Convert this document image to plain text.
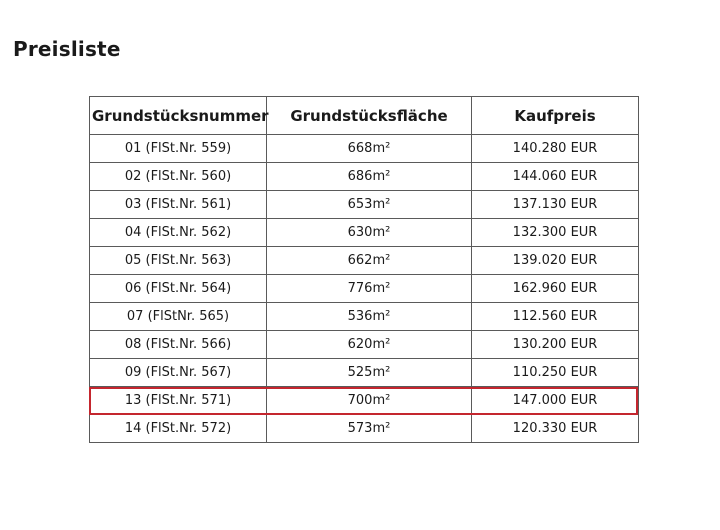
Preisliste
Grundstücksnummer	Grundstücksfläche	Kaufpreis
01 (FlSt.Nr. 559)	668m²	140.280 EUR
02 (FlSt.Nr. 560)	686m²	144.060 EUR
03 (FlSt.Nr. 561)	653m²	137.130 EUR
04 (FlSt.Nr. 562)	630m²	132.300 EUR
05 (FlSt.Nr. 563)	662m²	139.020 EUR
06 (FlSt.Nr. 564)	776m²	162.960 EUR
07 (FlStNr. 565)	536m²	112.560 EUR
08 (FlSt.Nr. 566)	620m²	130.200 EUR
09 (FlSt.Nr. 567)	525m²	110.250 EUR
13 (FlSt.Nr. 571)	700m²	147.000 EUR
14 (FlSt.Nr. 572)	573m²	120.330 EUR
